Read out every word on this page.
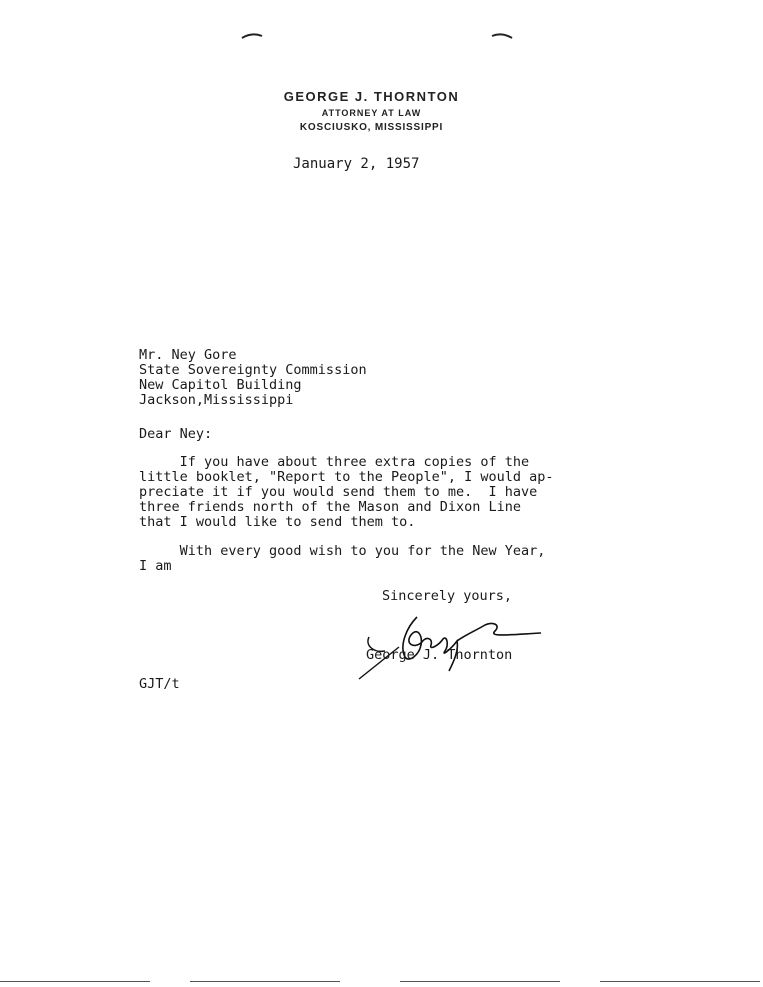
GEORGE J. THORNTON
ATTORNEY AT LAW
KOSCIUSKO, MISSISSIPPI
January 2, 1957
Mr. Ney Gore
State Sovereignty Commission
New Capitol Building
Jackson,Mississippi
Dear Ney:
If you have about three extra copies of the
little booklet, "Report to the People", I would ap-
preciate it if you would send them to me.  I have
three friends north of the Mason and Dixon Line
that I would like to send them to.
With every good wish to you for the New Year,
I am
Sincerely yours,
George J. Thornton
GJT/t
